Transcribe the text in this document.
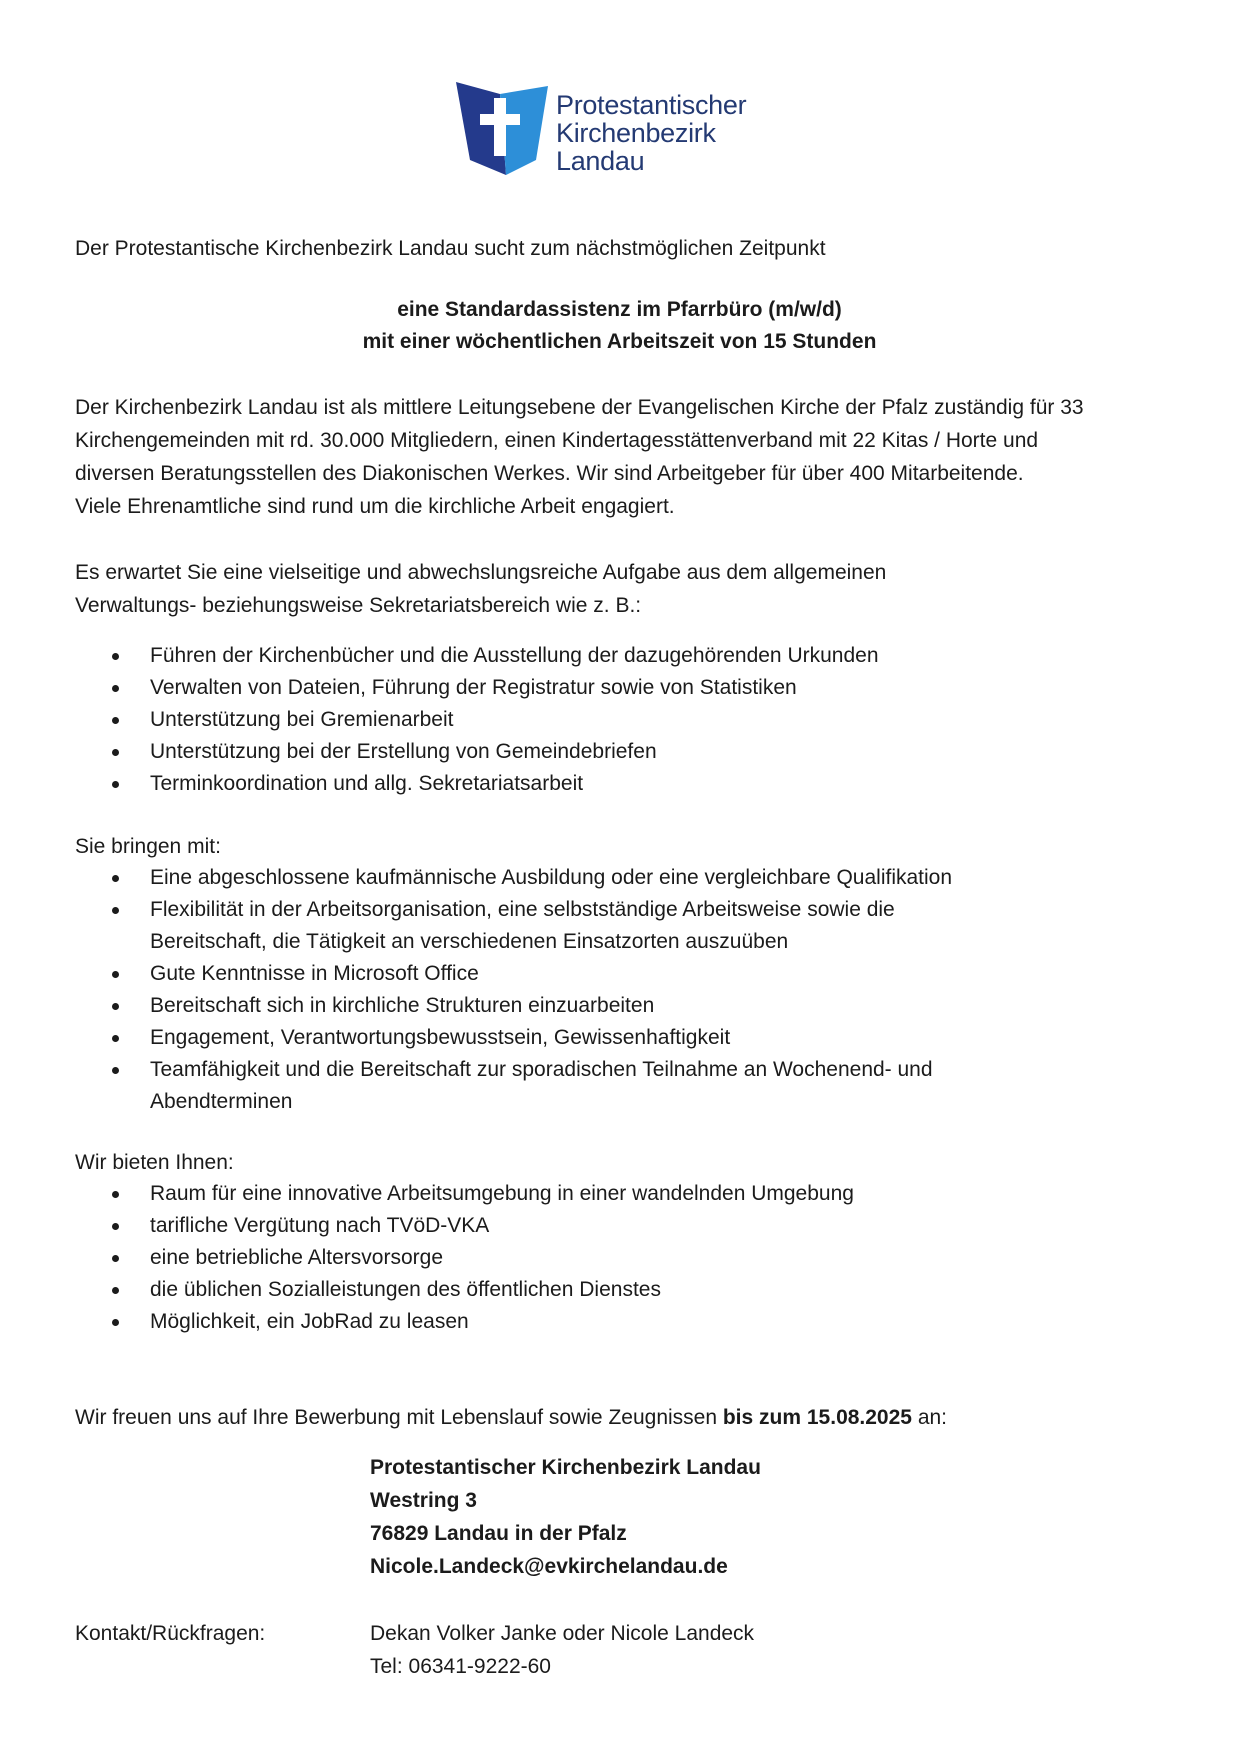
Protestantischer
Kirchenbezirk
Landau
Der Protestantische Kirchenbezirk Landau sucht zum nächstmöglichen Zeitpunkt
eine Standardassistenz im Pfarrbüro (m/w/d)
mit einer wöchentlichen Arbeitszeit von 15 Stunden
Der Kirchenbezirk Landau ist als mittlere Leitungsebene der Evangelischen Kirche der Pfalz zuständig für 33
Kirchengemeinden mit rd. 30.000 Mitgliedern, einen Kindertagesstättenverband mit 22 Kitas / Horte und
diversen Beratungsstellen des Diakonischen Werkes. Wir sind Arbeitgeber für über 400 Mitarbeitende.
Viele Ehrenamtliche sind rund um die kirchliche Arbeit engagiert.
Es erwartet Sie eine vielseitige und abwechslungsreiche Aufgabe aus dem allgemeinen
Verwaltungs- beziehungsweise Sekretariatsbereich wie z. B.:
Führen der Kirchenbücher und die Ausstellung der dazugehörenden Urkunden
Verwalten von Dateien, Führung der Registratur sowie von Statistiken
Unterstützung bei Gremienarbeit
Unterstützung bei der Erstellung von Gemeindebriefen
Terminkoordination und allg. Sekretariatsarbeit
Sie bringen mit:
Eine abgeschlossene kaufmännische Ausbildung oder eine vergleichbare Qualifikation
Flexibilität in der Arbeitsorganisation, eine selbstständige Arbeitsweise sowie die
Bereitschaft, die Tätigkeit an verschiedenen Einsatzorten auszuüben
Gute Kenntnisse in Microsoft Office
Bereitschaft sich in kirchliche Strukturen einzuarbeiten
Engagement, Verantwortungsbewusstsein, Gewissenhaftigkeit
Teamfähigkeit und die Bereitschaft zur sporadischen Teilnahme an Wochenend- und
Abendterminen
Wir bieten Ihnen:
Raum für eine innovative Arbeitsumgebung in einer wandelnden Umgebung
tarifliche Vergütung nach TVöD-VKA
eine betriebliche Altersvorsorge
die üblichen Sozialleistungen des öffentlichen Dienstes
Möglichkeit, ein JobRad zu leasen
Wir freuen uns auf Ihre Bewerbung mit Lebenslauf sowie Zeugnissen bis zum 15.08.2025 an:
Protestantischer Kirchenbezirk Landau
Westring 3
76829 Landau in der Pfalz
Nicole.Landeck@evkirchelandau.de
Kontakt/Rückfragen:	Dekan Volker Janke oder Nicole Landeck
Tel: 06341-9222-60
